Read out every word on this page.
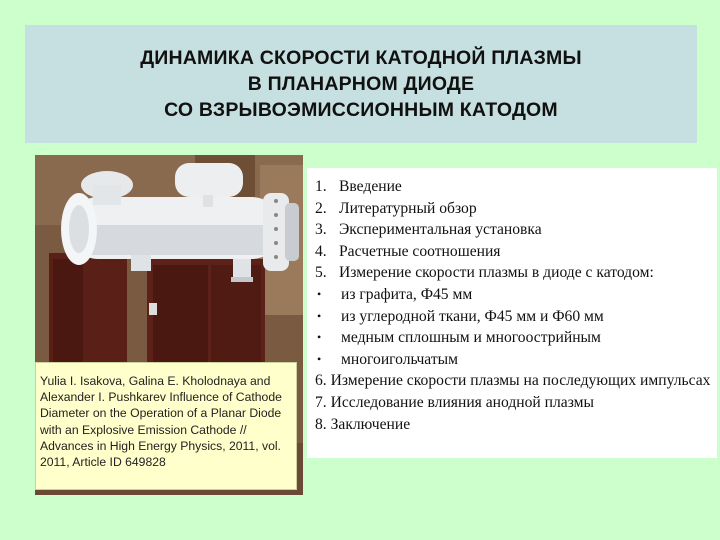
ДИНАМИКА СКОРОСТИ КАТОДНОЙ ПЛАЗМЫ
В ПЛАНАРНОМ ДИОДЕ
СО ВЗРЫВОЭМИССИОННЫМ КАТОДОМ
Yulia I. Isakova, Galina E. Kholodnaya and Alexander I. Pushkarev Influence of Cathode Diameter on the Operation of a Planar Diode with an Explosive Emission Cathode // Advances in High Energy Physics, 2011, vol. 2011, Article ID 649828
1. Введение
2. Литературный обзор
3. Экспериментальная установка
4. Расчетные соотношения
5. Измерение скорости плазмы в диоде с катодом:
•	из графита, Ф45 мм
•	из углеродной ткани, Ф45 мм и Ф60 мм
•	медным сплошным и многоострийным
•	многоигольчатым
6. Измерение скорости плазмы на последующих импульсах
7. Исследование влияния анодной плазмы
8. Заключение
